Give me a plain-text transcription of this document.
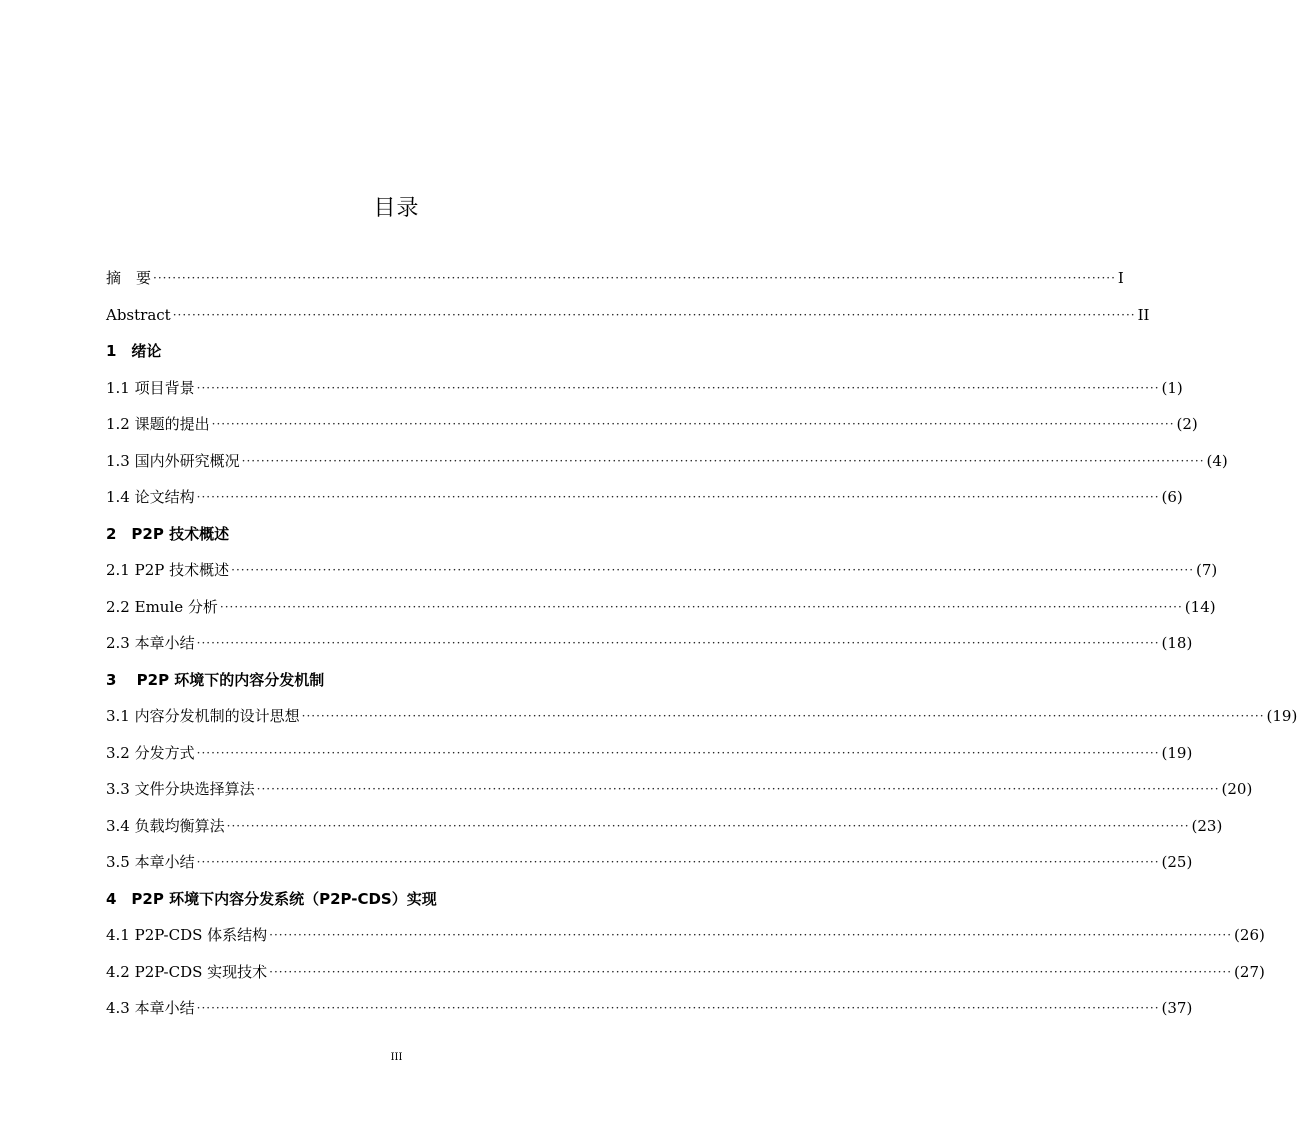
目录
摘　要 ········································································································································································································ I
Abstract ········································································································································································································ II
1　绪论
1.1 项目背景 ········································································································································································································ (1)
1.2 课题的提出 ········································································································································································································ (2)
1.3 国内外研究概况 ········································································································································································································ (4)
1.4 论文结构 ········································································································································································································ (6)
2　P2P 技术概述
2.1 P2P 技术概述 ········································································································································································································ (7)
2.2 Emule 分析 ········································································································································································································ (14)
2.3 本章小结 ········································································································································································································ (18)
3　 P2P 环境下的内容分发机制
3.1 内容分发机制的设计思想 ········································································································································································································ (19)
3.2 分发方式 ········································································································································································································ (19)
3.3 文件分块选择算法 ········································································································································································································ (20)
3.4 负载均衡算法 ········································································································································································································ (23)
3.5 本章小结 ········································································································································································································ (25)
4　P2P 环境下内容分发系统（P2P-CDS）实现
4.1 P2P-CDS 体系结构 ········································································································································································································ (26)
4.2 P2P-CDS 实现技术 ········································································································································································································ (27)
4.3 本章小结 ········································································································································································································ (37)
III
